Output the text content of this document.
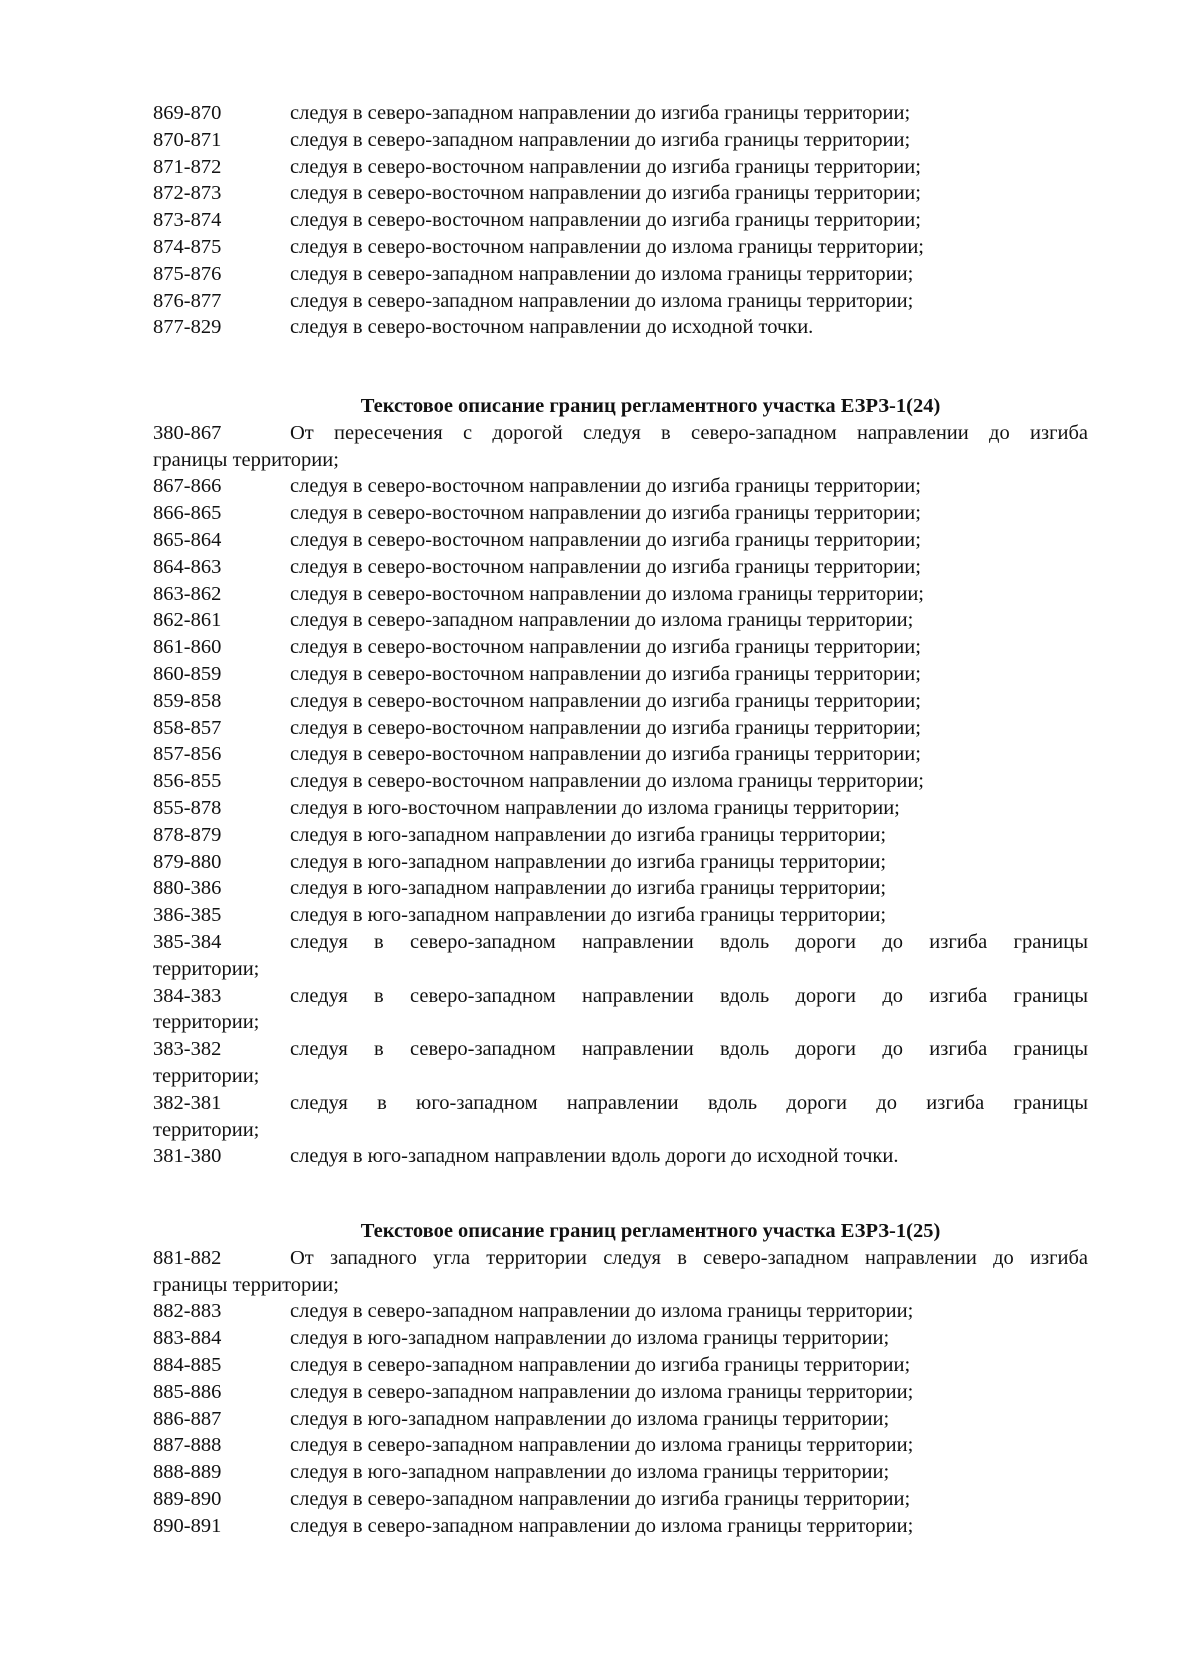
869-870	следуя в северо-западном направлении до изгиба границы территории;
870-871	следуя в северо-западном направлении до изгиба границы территории;
871-872	следуя в северо-восточном направлении до изгиба границы территории;
872-873	следуя в северо-восточном направлении до изгиба границы территории;
873-874	следуя в северо-восточном направлении до изгиба границы территории;
874-875	следуя в северо-восточном направлении до излома границы территории;
875-876	следуя в северо-западном направлении до излома границы территории;
876-877	следуя в северо-западном направлении до излома границы территории;
877-829	следуя в северо-восточном направлении до исходной точки.
Текстовое описание границ регламентного участка ЕЗРЗ-1(24)
380-867	От пересечения с дорогой следуя в северо-западном направлении до изгиба
границы территории;
867-866	следуя в северо-восточном направлении до изгиба границы территории;
866-865	следуя в северо-восточном направлении до изгиба границы территории;
865-864	следуя в северо-восточном направлении до изгиба границы территории;
864-863	следуя в северо-восточном направлении до изгиба границы территории;
863-862	следуя в северо-восточном направлении до излома границы территории;
862-861	следуя в северо-западном направлении до излома границы территории;
861-860	следуя в северо-восточном направлении до изгиба границы территории;
860-859	следуя в северо-восточном направлении до изгиба границы территории;
859-858	следуя в северо-восточном направлении до изгиба границы территории;
858-857	следуя в северо-восточном направлении до изгиба границы территории;
857-856	следуя в северо-восточном направлении до изгиба границы территории;
856-855	следуя в северо-восточном направлении до излома границы территории;
855-878	следуя в юго-восточном направлении до излома границы территории;
878-879	следуя в юго-западном направлении до изгиба границы территории;
879-880	следуя в юго-западном направлении до изгиба границы территории;
880-386	следуя в юго-западном направлении до изгиба границы территории;
386-385	следуя в юго-западном направлении до изгиба границы территории;
385-384	следуя в северо-западном направлении вдоль дороги до изгиба границы
территории;
384-383	следуя в северо-западном направлении вдоль дороги до изгиба границы
территории;
383-382	следуя в северо-западном направлении вдоль дороги до изгиба границы
территории;
382-381	следуя в юго-западном направлении вдоль дороги до изгиба границы
территории;
381-380	следуя в юго-западном направлении вдоль дороги до исходной точки.
Текстовое описание границ регламентного участка ЕЗРЗ-1(25)
881-882	От западного угла территории следуя в северо-западном направлении до изгиба
границы территории;
882-883	следуя в северо-западном направлении до излома границы территории;
883-884	следуя в юго-западном направлении до излома границы территории;
884-885	следуя в северо-западном направлении до изгиба границы территории;
885-886	следуя в северо-западном направлении до излома границы территории;
886-887	следуя в юго-западном направлении до излома границы территории;
887-888	следуя в северо-западном направлении до излома границы территории;
888-889	следуя в юго-западном направлении до излома границы территории;
889-890	следуя в северо-западном направлении до изгиба границы территории;
890-891	следуя в северо-западном направлении до излома границы территории;
